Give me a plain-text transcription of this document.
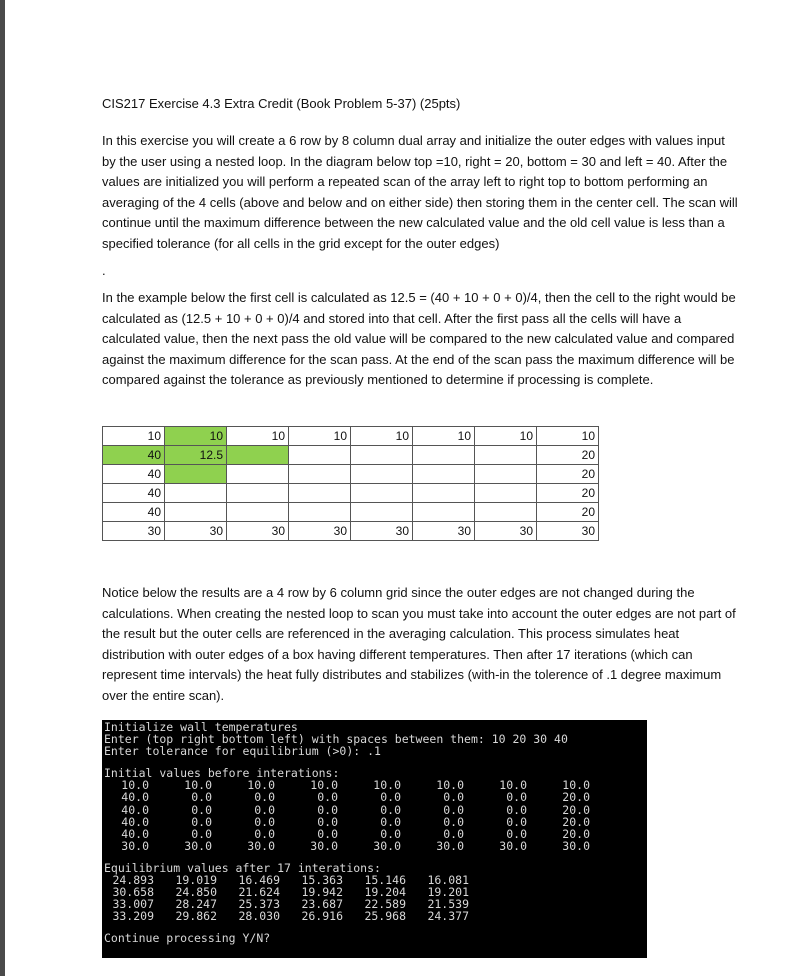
CIS217 Exercise 4.3 Extra Credit (Book Problem 5-37) (25pts)

In this exercise you will create a 6 row by 8 column dual array and initialize the outer edges with values input by the user using a nested loop. In the diagram below top =10, right = 20, bottom = 30 and left = 40. After the values are initialized you will perform a repeated scan of the array left to right top to bottom performing an averaging of the 4 cells (above and below and on either side) then storing them in the center cell. The scan will continue until the maximum difference between the new calculated value and the old cell value is less than a specified tolerance (for all cells in the grid except for the outer edges)

.

In the example below the first cell is calculated as 12.5 = (40 + 10 + 0 + 0)/4, then the cell to the right would be calculated as (12.5 + 10 + 0 + 0)/4 and stored into that cell. After the first pass all the cells will have a calculated value, then the next pass the old value will be compared to the new calculated value and compared against the maximum difference for the scan pass. At the end of the scan pass the maximum difference will be compared against the tolerance as previously mentioned to determine if processing is complete.

10	10	10	10	10	10	10	10
40	12.5						20
40							20
40							20
40							20
30	30	30	30	30	30	30	30

Notice below the results are a 4 row by 6 column grid since the outer edges are not changed during the calculations. When creating the nested loop to scan you must take into account the outer edges are not part of the result but the outer cells are referenced in the averaging calculation. This process simulates heat distribution with outer edges of a box having different temperatures. Then after 17 iterations (which can represent time intervals) the heat fully distributes and stabilizes (with-in the tolerence of .1 degree maximum over the entire scan).

Initialize wall temperatures
Enter (top right bottom left) with spaces between them: 10 20 30 40
Enter tolerance for equilibrium (>0): .1
Initial values before interations:
10.0	10.0	10.0	10.0	10.0	10.0	10.0	10.0
40.0	0.0	0.0	0.0	0.0	0.0	0.0	20.0
40.0	0.0	0.0	0.0	0.0	0.0	0.0	20.0
40.0	0.0	0.0	0.0	0.0	0.0	0.0	20.0
40.0	0.0	0.0	0.0	0.0	0.0	0.0	20.0
30.0	30.0	30.0	30.0	30.0	30.0	30.0	30.0
Equilibrium values after 17 interations:
24.893	19.019	16.469	15.363	15.146	16.081
30.658	24.850	21.624	19.942	19.204	19.201
33.007	28.247	25.373	23.687	22.589	21.539
33.209	29.862	28.030	26.916	25.968	24.377
Continue processing Y/N?
